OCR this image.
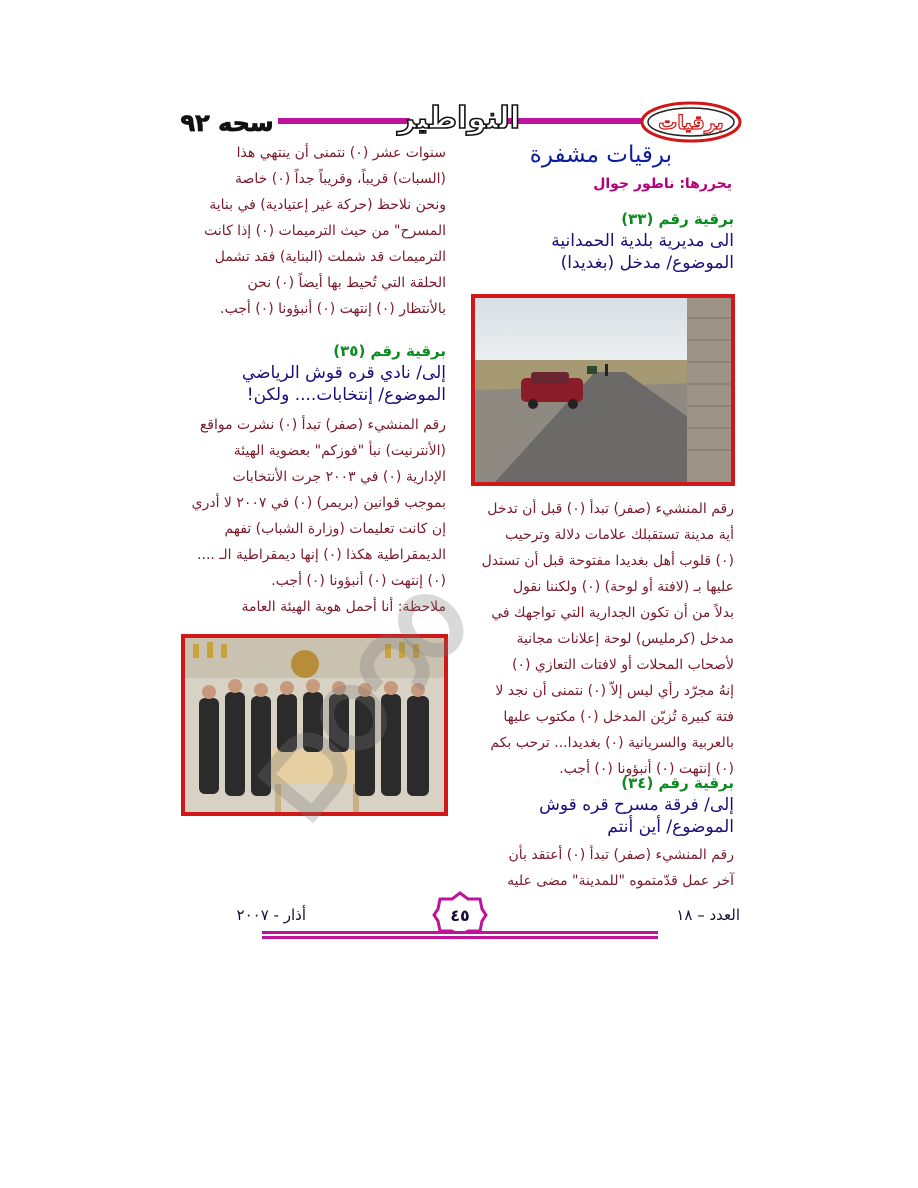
سحه ٩٢	النواطير	برقيات

برقيات مشفرة

يحررها: ناطور جوال

برقية رقم (٣٣)

الى مديرية بلدية الحمدانية

الموضوع/ مدخل (بغديدا)

رقم المنشيء (صفر) تبدأ (٠) قبل أن تدخل

أية مدينة تستقبلك علامات دلالة وترحيب

(٠) قلوب أهل بغديدا مفتوحة قبل أن تستدل

عليها بـ (لافتة أو لوحة) (٠) ولكننا نقول

بدلاً من أن تكون الجدارية التي تواجهك في

مدخل (كرمليس) لوحة إعلانات مجانية

لأصحاب المحلات أو لافتات التعازي (٠)

إنهُ مجرّد رأي ليس إلاّ (٠) نتمنى أن نجد لا

فتة كبيرة تُزيّن المدخل (٠) مكتوب عليها

بالعربية والسريانية (٠) بغديدا... ترحب بكم

(٠) إنتهت (٠) أنبؤونا (٠) أجب.

برقية رقم (٣٤)

إلى/ فرقة مسرح قره قوش

الموضوع/ أين أنتم

رقم المنشيء (صفر) تبدأ (٠) أعتقد بأن

آخر عمل قدّمتموه "للمدينة" مضى عليه

سنوات عشر (٠) نتمنى أن ينتهي هذا

(السبات) قريباً، وقريباً جداً (٠) خاصة

ونحن نلاحظ (حركة غير إعتيادية) في بناية

المسرح" من حيث الترميمات (٠) إذا كانت

الترميمات قد شملت (البناية) فقد تشمل

الحلقة التي تُحيط بها أيضاً (٠) نحن

بالأنتظار (٠) إنتهت (٠) أنبؤونا (٠) أجب.

برقية رقم (٣٥)

إلى/ نادي قره قوش الرياضي

الموضوع/ إنتخابات.... ولكن!

رقم المنشيء (صفر) تبدأ (٠) نشرت مواقع

(الأنترنيت) نبأ "فوزكم" بعضوية الهيئة

الإدارية (٠) في ٢٠٠٣ جرت الأنتخابات

بموجب قوانين (بريمر) (٠) في ٢٠٠٧ لا أدري

إن كانت تعليمات (وزارة الشباب) تفهم

الديمقراطية هكذا (٠) إنها ديمقراطية الـ ....

(٠) إنتهت (٠) أنبؤونا (٠) أجب.

ملاحظة: أنا أحمل هوية الهيئة العامة

العدد – ١٨
٤٥
أذار - ٢٠٠٧
